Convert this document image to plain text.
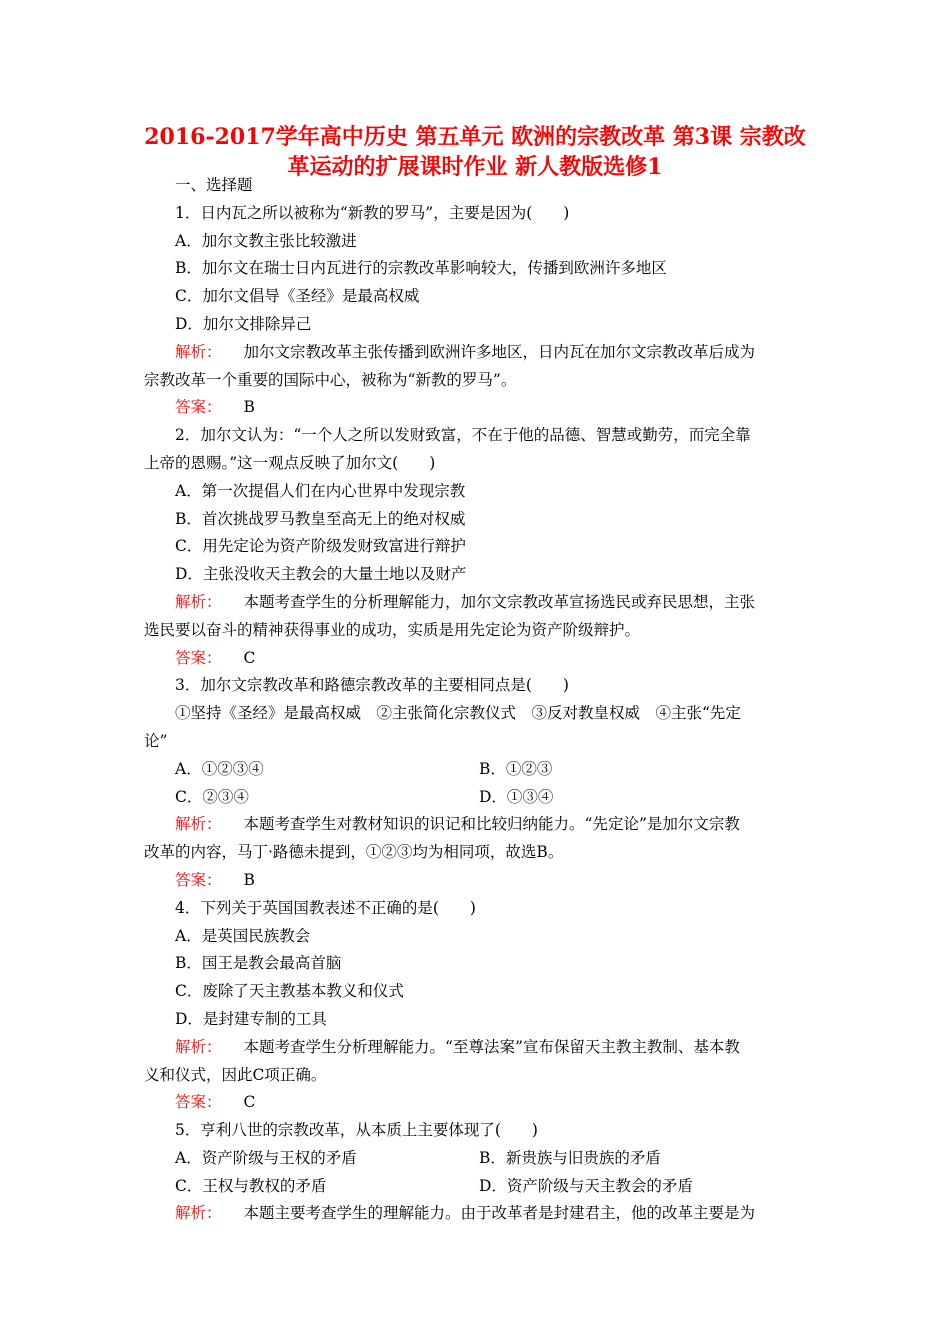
2016-2017学年高中历史 第五单元 欧洲的宗教改革 第3课 宗教改
革运动的扩展课时作业 新人教版选修1
一、选择题
1．日内瓦之所以被称为“新教的罗马”，主要是因为(　　)
A．加尔文教主张比较激进
B．加尔文在瑞士日内瓦进行的宗教改革影响较大，传播到欧洲许多地区
C．加尔文倡导《圣经》是最高权威
D．加尔文排除异己
解析： 加尔文宗教改革主张传播到欧洲许多地区，日内瓦在加尔文宗教改革后成为
宗教改革一个重要的国际中心，被称为“新教的罗马”。
答案： B
2．加尔文认为：“一个人之所以发财致富，不在于他的品德、智慧或勤劳，而完全靠
上帝的恩赐。”这一观点反映了加尔文(　　)
A．第一次提倡人们在内心世界中发现宗教
B．首次挑战罗马教皇至高无上的绝对权威
C．用先定论为资产阶级发财致富进行辩护
D．主张没收天主教会的大量土地以及财产
解析： 本题考查学生的分析理解能力，加尔文宗教改革宣扬选民或弃民思想，主张
选民要以奋斗的精神获得事业的成功，实质是用先定论为资产阶级辩护。
答案： C
3．加尔文宗教改革和路德宗教改革的主要相同点是(　　)
①坚持《圣经》是最高权威　②主张简化宗教仪式　③反对教皇权威　④主张“先定
论”
A．①②③④	B．①②③
C．②③④	D．①③④
解析： 本题考查学生对教材知识的识记和比较归纳能力。“先定论”是加尔文宗教
改革的内容，马丁·路德未提到，①②③均为相同项，故选B。
答案： B
4．下列关于英国国教表述不正确的是(　　)
A．是英国民族教会
B．国王是教会最高首脑
C．废除了天主教基本教义和仪式
D．是封建专制的工具
解析： 本题考查学生分析理解能力。“至尊法案”宣布保留天主教主教制、基本教
义和仪式，因此C项正确。
答案： C
5．亨利八世的宗教改革，从本质上主要体现了(　　)
A．资产阶级与王权的矛盾	B．新贵族与旧贵族的矛盾
C．王权与教权的矛盾	D．资产阶级与天主教会的矛盾
解析： 本题主要考查学生的理解能力。由于改革者是封建君主，他的改革主要是为
